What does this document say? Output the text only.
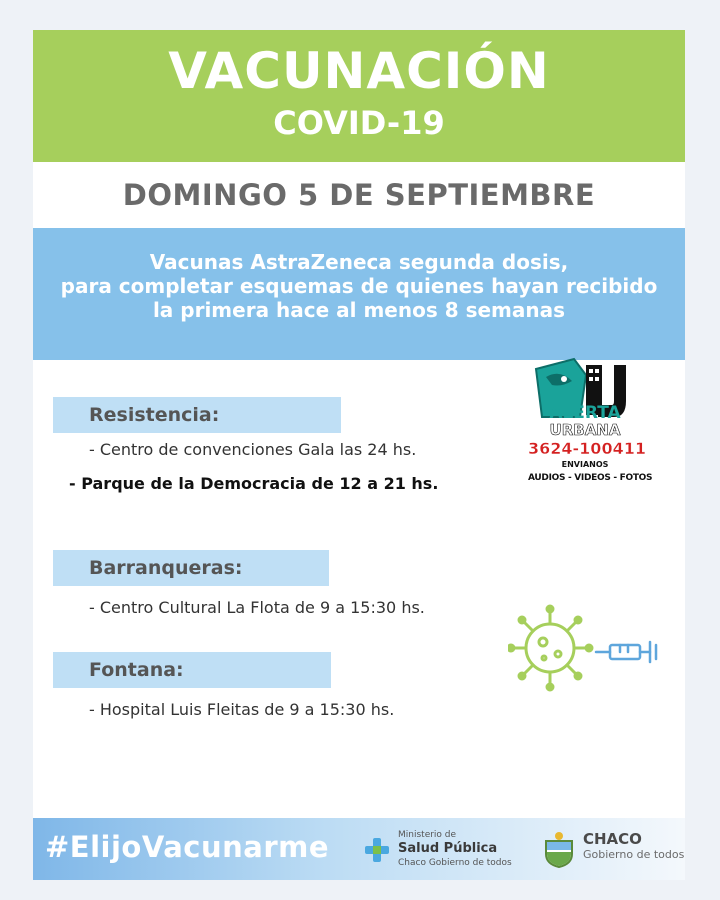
VACUNACIÓN
COVID-19
DOMINGO 5 DE SEPTIEMBRE
Vacunas AstraZeneca segunda dosis,
para completar esquemas de quienes hayan recibido
la primera hace al menos 8 semanas
Resistencia:
- Centro de convenciones Gala las 24 hs.
- Parque de la Democracia de 12 a 21 hs.
Barranqueras:
- Centro Cultural La Flota de 9 a 15:30 hs.
Fontana:
- Hospital Luis Fleitas de 9 a 15:30 hs.
#ElijoVacunarme	Ministerio de
Salud Pública
Chaco Gobierno de todos
CHACO
Gobierno de todos
ALERTA
URBANA
3624-100411
ENVIANOS
AUDIOS - VIDEOS - FOTOS
